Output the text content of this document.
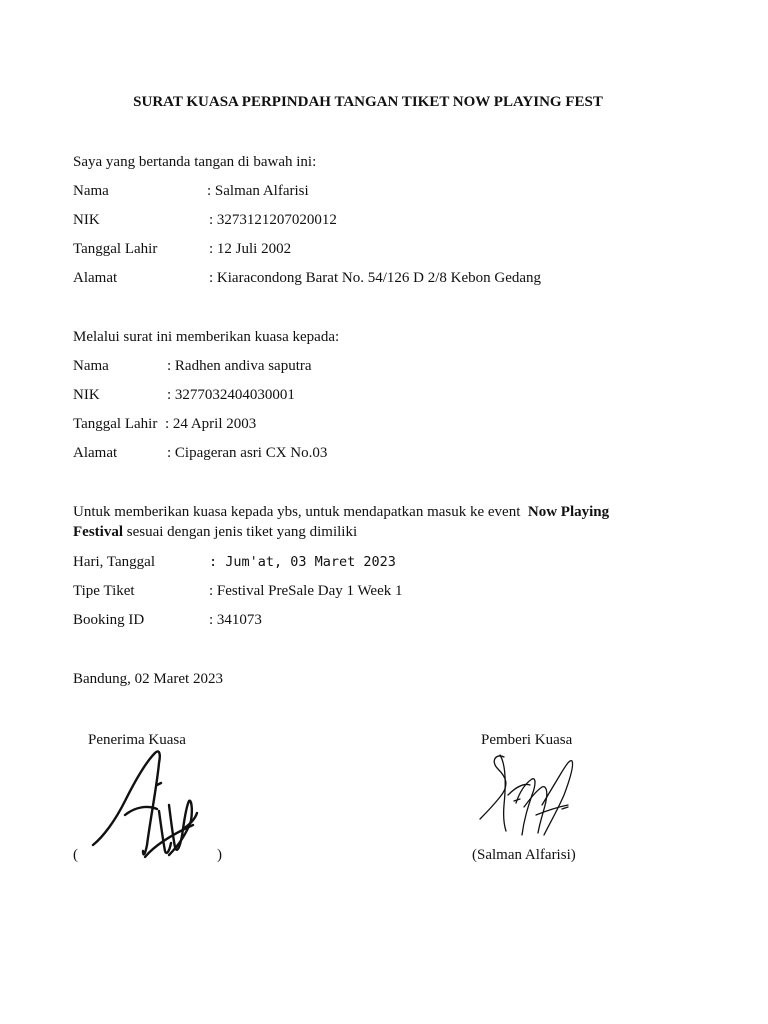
SURAT KUASA PERPINDAH TANGAN TIKET NOW PLAYING FEST
Saya yang bertanda tangan di bawah ini:
Nama	: Salman Alfarisi
NIK	: 3273121207020012
Tanggal Lahir	: 12 Juli 2002
Alamat	: Kiaracondong Barat No. 54/126 D 2/8 Kebon Gedang
Melalui surat ini memberikan kuasa kepada:
Nama	: Radhen andiva saputra
NIK	: 3277032404030001
Tanggal Lahir : 24 April 2003
Alamat	: Cipageran asri CX No.03
Untuk memberikan kuasa kepada ybs, untuk mendapatkan masuk ke event Now Playing
Festival sesuai dengan jenis tiket yang dimiliki
Hari, Tanggal	: Jum'at, 03 Maret 2023
Tipe Tiket	: Festival PreSale Day 1 Week 1
Booking ID	: 341073
Bandung, 02 Maret 2023
Penerima Kuasa	Pemberi Kuasa
(	)	(Salman Alfarisi)
